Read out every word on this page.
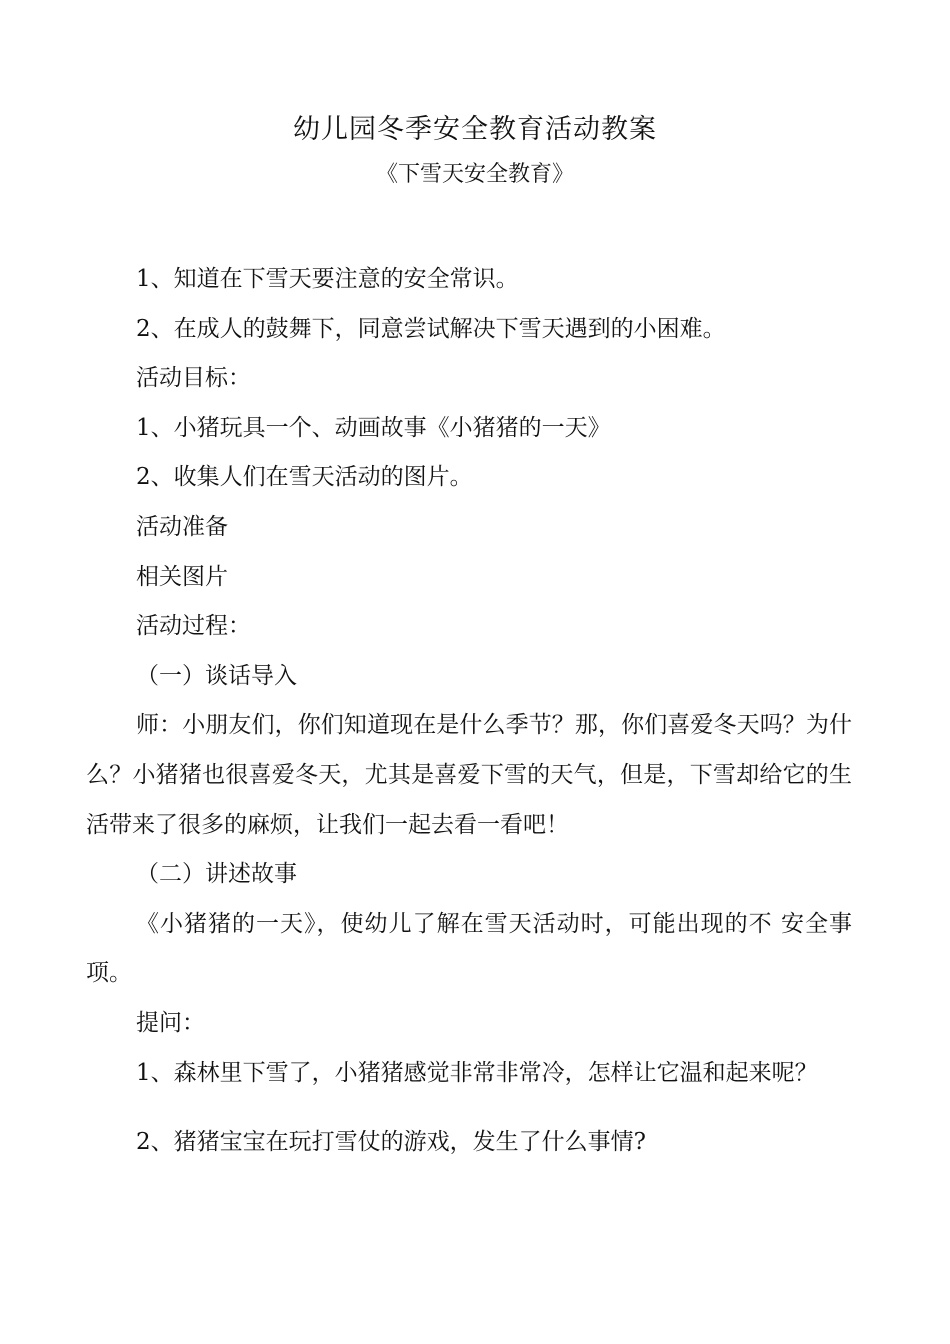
幼儿园冬季安全教育活动教案
《下雪天安全教育》

1、知道在下雪天要注意的安全常识。

2、在成人的鼓舞下，同意尝试解决下雪天遇到的小困难。

活动目标：

1、小猪玩具一个、动画故事《小猪猪的一天》

2、收集人们在雪天活动的图片。

活动准备

相关图片

活动过程：

（一）谈话导入

师：小朋友们，你们知道现在是什么季节？那，你们喜爱冬天吗？为什么？小猪猪也很喜爱冬天，尤其是喜爱下雪的天气，但是，下雪却给它的生活带来了很多的麻烦，让我们一起去看一看吧！

（二）讲述故事

《小猪猪的一天》，使幼儿了解在雪天活动时，可能出现的不 安全事项。

提问：

1、森林里下雪了，小猪猪感觉非常非常冷，怎样让它温和起来呢？

2、猪猪宝宝在玩打雪仗的游戏，发生了什么事情?
